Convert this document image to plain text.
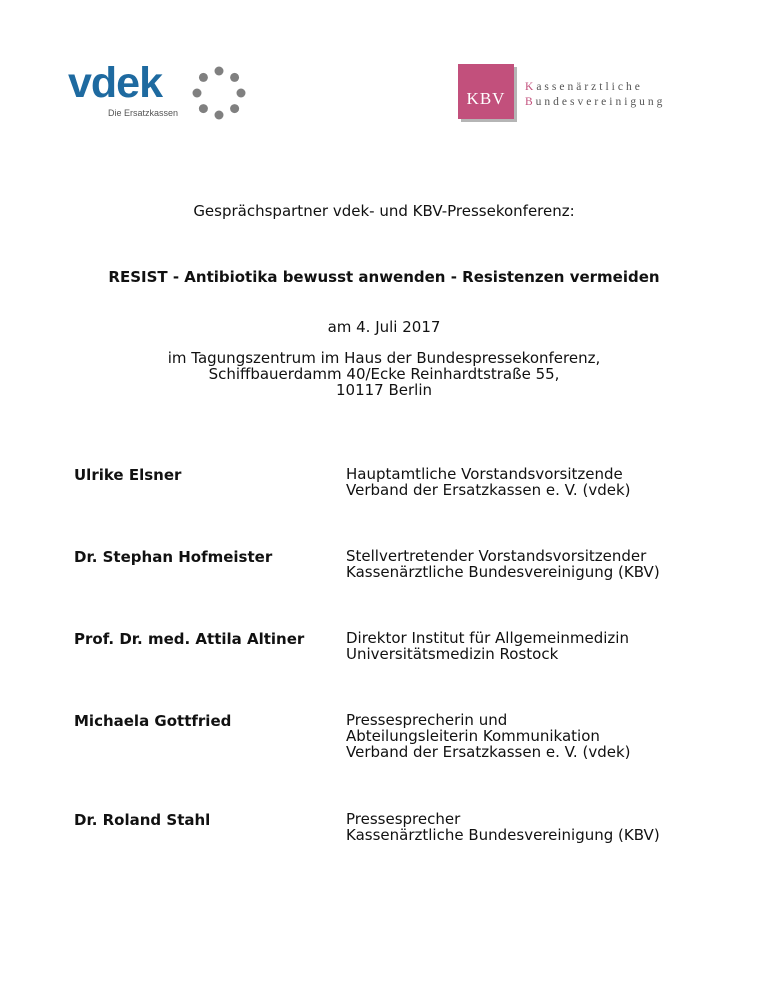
vdek
Die Ersatzkassen
KBV
Kassenärztliche
Bundesvereinigung
Gesprächspartner vdek- und KBV-Pressekonferenz:
RESIST - Antibiotika bewusst anwenden - Resistenzen vermeiden
am 4. Juli 2017
im Tagungszentrum im Haus der Bundespressekonferenz,
Schiffbauerdamm 40/Ecke Reinhardtstraße 55,
10117 Berlin
Ulrike Elsner	Hauptamtliche Vorstandsvorsitzende
Verband der Ersatzkassen e. V. (vdek)
Dr. Stephan Hofmeister	Stellvertretender Vorstandsvorsitzender
Kassenärztliche Bundesvereinigung (KBV)
Prof. Dr. med. Attila Altiner	Direktor Institut für Allgemeinmedizin
Universitätsmedizin Rostock
Michaela Gottfried	Pressesprecherin und
Abteilungsleiterin Kommunikation
Verband der Ersatzkassen e. V. (vdek)
Dr. Roland Stahl	Pressesprecher
Kassenärztliche Bundesvereinigung (KBV)
